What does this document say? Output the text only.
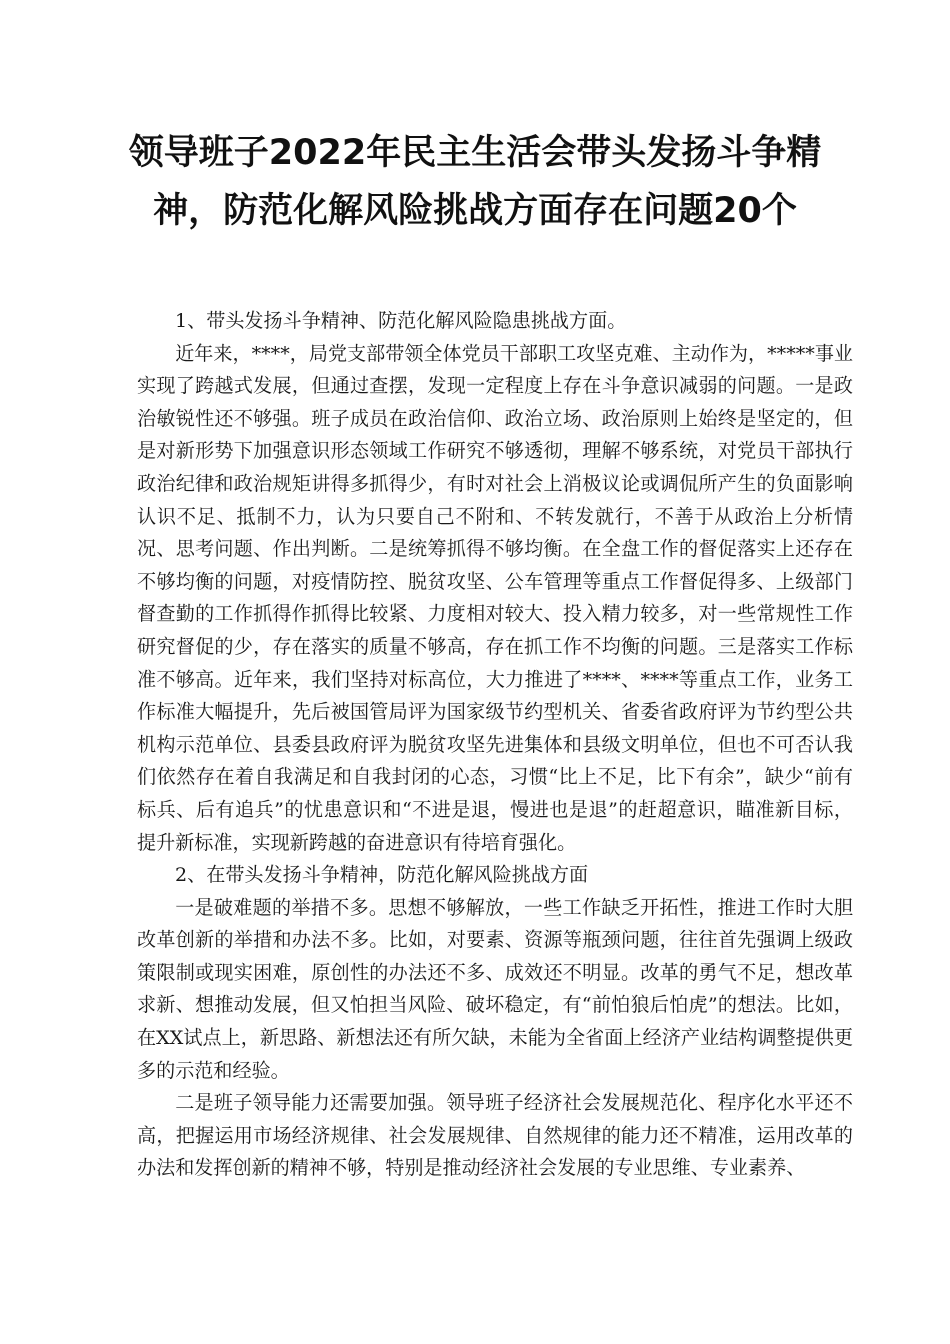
领导班子2022年民主生活会带头发扬斗争精
神，防范化解风险挑战方面存在问题20个

1、带头发扬斗争精神、防范化解风险隐患挑战方面。

近年来，****，局党支部带领全体党员干部职工攻坚克难、主动作为，*****事业实现了跨越式发展，但通过查摆，发现一定程度上存在斗争意识减弱的问题。一是政治敏锐性还不够强。班子成员在政治信仰、政治立场、政治原则上始终是坚定的，但是对新形势下加强意识形态领域工作研究不够透彻，理解不够系统，对党员干部执行政治纪律和政治规矩讲得多抓得少，有时对社会上消极议论或调侃所产生的负面影响认识不足、抵制不力，认为只要自己不附和、不转发就行，不善于从政治上分析情况、思考问题、作出判断。二是统筹抓得不够均衡。在全盘工作的督促落实上还存在不够均衡的问题，对疫情防控、脱贫攻坚、公车管理等重点工作督促得多、上级部门督查勤的工作抓得作抓得比较紧、力度相对较大、投入精力较多，对一些常规性工作研究督促的少，存在落实的质量不够高，存在抓工作不均衡的问题。三是落实工作标准不够高。近年来，我们坚持对标高位，大力推进了****、****等重点工作，业务工作标准大幅提升，先后被国管局评为国家级节约型机关、省委省政府评为节约型公共机构示范单位、县委县政府评为脱贫攻坚先进集体和县级文明单位，但也不可否认我们依然存在着自我满足和自我封闭的心态，习惯“比上不足，比下有余”，缺少“前有标兵、后有追兵”的忧患意识和“不进是退，慢进也是退”的赶超意识，瞄准新目标，提升新标准，实现新跨越的奋进意识有待培育强化。

2、在带头发扬斗争精神，防范化解风险挑战方面

一是破难题的举措不多。思想不够解放，一些工作缺乏开拓性，推进工作时大胆改革创新的举措和办法不多。比如，对要素、资源等瓶颈问题，往往首先强调上级政策限制或现实困难，原创性的办法还不多、成效还不明显。改革的勇气不足，想改革求新、想推动发展，但又怕担当风险、破坏稳定，有“前怕狼后怕虎”的想法。比如，在XX试点上，新思路、新想法还有所欠缺，未能为全省面上经济产业结构调整提供更多的示范和经验。

二是班子领导能力还需要加强。领导班子经济社会发展规范化、程序化水平还不高，把握运用市场经济规律、社会发展规律、自然规律的能力还不精准，运用改革的办法和发挥创新的精神不够，特别是推动经济社会发展的专业思维、专业素养、
